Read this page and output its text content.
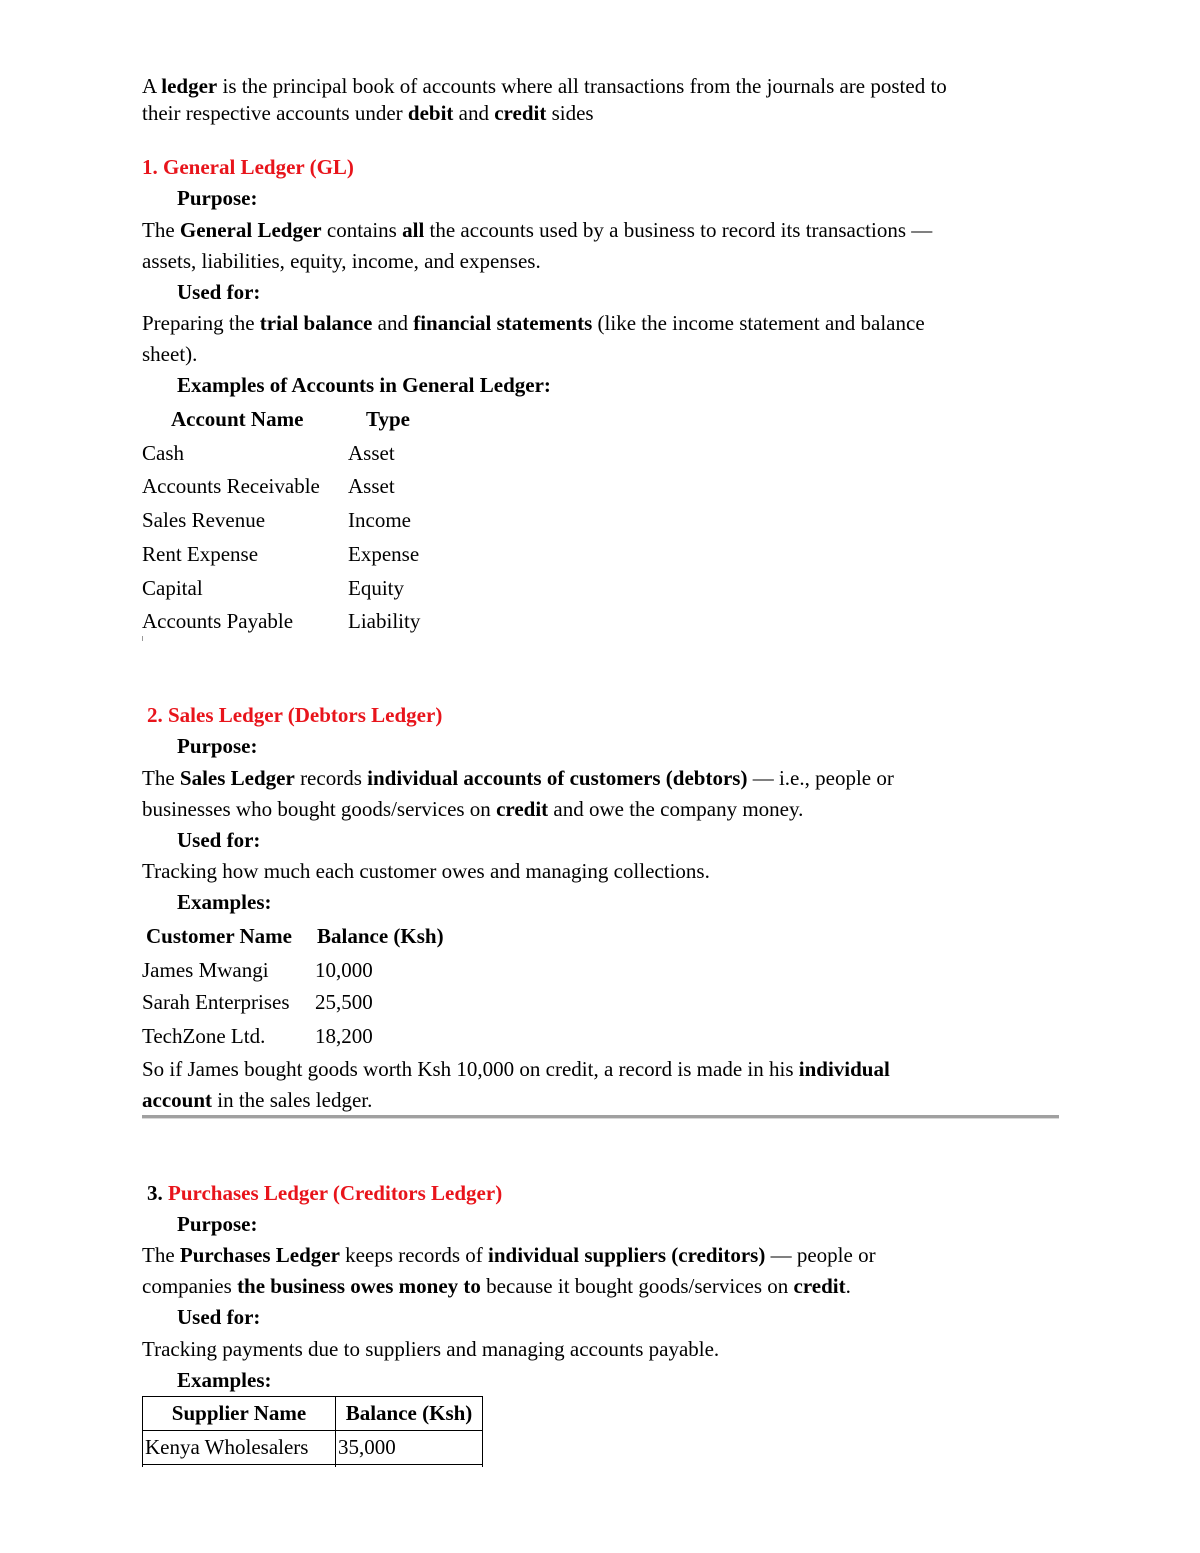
A ledger is the principal book of accounts where all transactions from the journals are posted to
their respective accounts under debit and credit sides
1. General Ledger (GL)
Purpose:
The General Ledger contains all the accounts used by a business to record its transactions —
assets, liabilities, equity, income, and expenses.
Used for:
Preparing the trial balance and financial statements (like the income statement and balance
sheet).
Examples of Accounts in General Ledger:
Account Name	Type
Cash	Asset
Accounts Receivable Asset
Sales Revenue	Income
Rent Expense	Expense
Capital	Equity
Accounts Payable	Liability
2. Sales Ledger (Debtors Ledger)
Purpose:
The Sales Ledger records individual accounts of customers (debtors) — i.e., people or
businesses who bought goods/services on credit and owe the company money.
Used for:
Tracking how much each customer owes and managing collections.
Examples:
Customer Name Balance (Ksh)
James Mwangi 10,000
Sarah Enterprises 25,500
TechZone Ltd. 18,200
So if James bought goods worth Ksh 10,000 on credit, a record is made in his individual
account in the sales ledger.
3. Purchases Ledger (Creditors Ledger)
Purpose:
The Purchases Ledger keeps records of individual suppliers (creditors) — people or
companies the business owes money to because it bought goods/services on credit.
Used for:
Tracking payments due to suppliers and managing accounts payable.
Examples:
Supplier Name	Balance (Ksh)
Kenya Wholesalers	35,000
